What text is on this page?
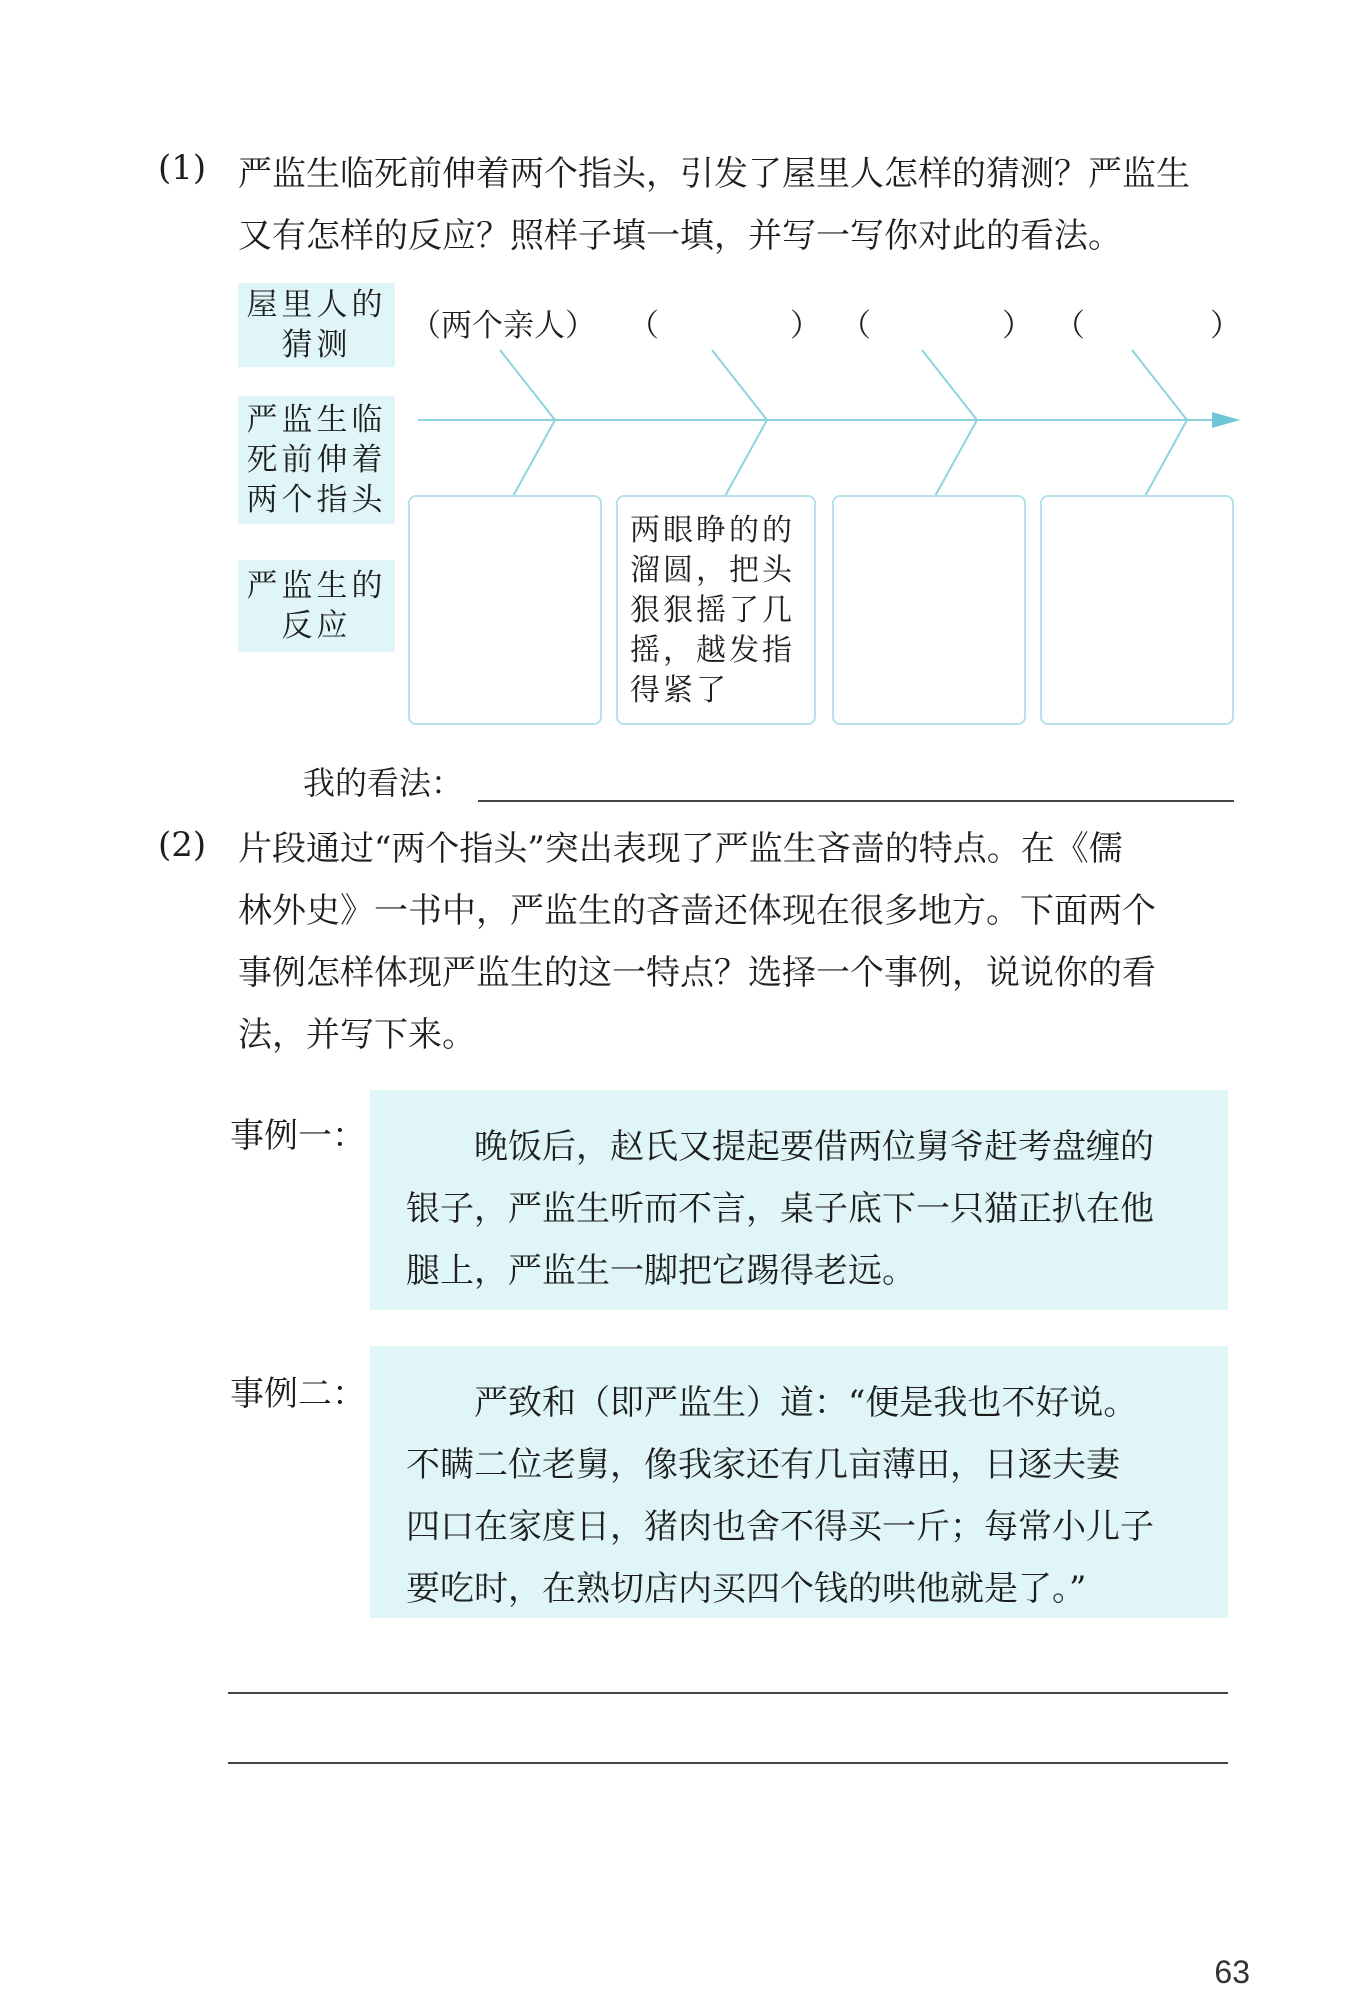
(1) 严监生临死前伸着两个指头，引发了屋里人怎样的猜测？严监生
又有怎样的反应？照样子填一填，并写一写你对此的看法。
屋里人的
猜测
严监生临
死前伸着
两个指头
严监生的
反应
（两个亲人） （	） （	） （	）
两眼睁的的
溜圆，把头
狠狠摇了几
摇，越发指
得紧了
我的看法：
(2) 片段通过“两个指头”突出表现了严监生吝啬的特点。在《儒
林外史》一书中，严监生的吝啬还体现在很多地方。下面两个
事例怎样体现严监生的这一特点？选择一个事例，说说你的看
法，并写下来。
事例一：	晚饭后，赵氏又提起要借两位舅爷赶考盘缠的
银子，严监生听而不言，桌子底下一只猫正扒在他
腿上，严监生一脚把它踢得老远。
事例二：	严致和（即严监生）道：“便是我也不好说。
不瞒二位老舅，像我家还有几亩薄田，日逐夫妻
四口在家度日，猪肉也舍不得买一斤；每常小儿子
要吃时，在熟切店内买四个钱的哄他就是了。”
63
